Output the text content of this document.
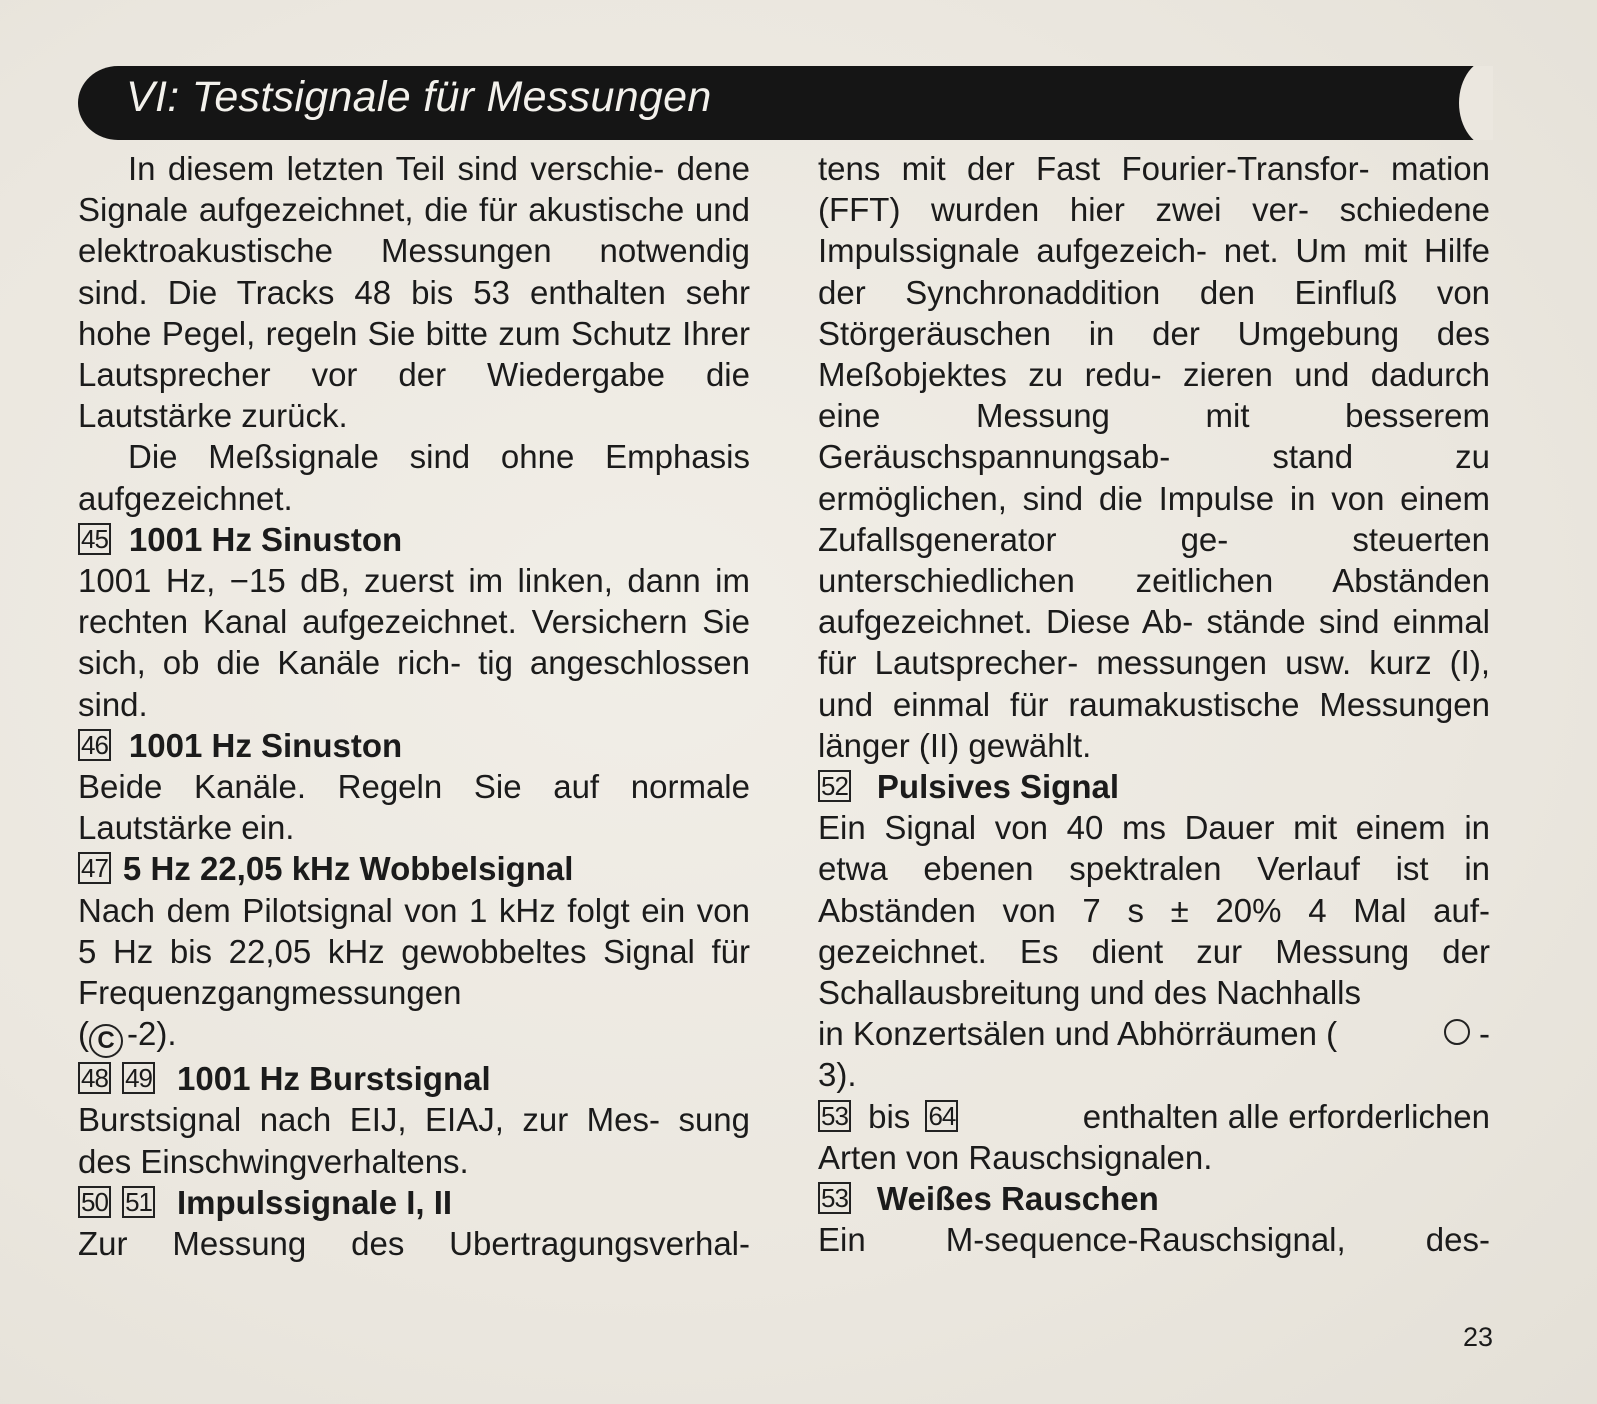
VI: Testsignale für Messungen

In diesem letzten Teil sind verschie- dene Signale aufgezeichnet, die für akustische und elektroakustische Messungen notwendig sind. Die Tracks 48 bis 53 enthalten sehr hohe Pegel, regeln Sie bitte zum Schutz Ihrer Lautsprecher vor der Wiedergabe die Lautstärke zurück.

Die Meßsignale sind ohne Emphasis aufgezeichnet.

45 1001 Hz Sinuston

1001 Hz, −15 dB, zuerst im linken, dann im rechten Kanal aufgezeichnet. Versichern Sie sich, ob die Kanäle rich- tig angeschlossen sind.

46 1001 Hz Sinuston

Beide Kanäle. Regeln Sie auf normale Lautstärke ein.

47 5 Hz 22,05 kHz Wobbelsignal

Nach dem Pilotsignal von 1 kHz folgt ein von 5 Hz bis 22,05 kHz gewobbeltes Signal für Frequenzgangmessungen

( C -2).
48 49 1001 Hz Burstsignal

Burstsignal nach EIJ, EIAJ, zur Mes- sung des Einschwingverhaltens.

50 51 Impulssignale I, II

Zur Messung des Ubertragungsverhal-

tens mit der Fast Fourier-Transfor- mation (FFT) wurden hier zwei ver- schiedene Impulssignale aufgezeich- net. Um mit Hilfe der Synchronaddition den Einfluß von Störgeräuschen in der Umgebung des Meßobjektes zu redu- zieren und dadurch eine Messung mit	besserem Geräuschspannungsab-	stand zu ermöglichen, sind die Impulse in von einem Zufallsgenerator ge-	steuerten unterschiedlichen zeitlichen Abständen aufgezeichnet. Diese Ab- stände sind einmal für Lautsprecher- messungen usw. kurz (I), und einmal für raumakustische Messungen länger (II) gewählt.

52 Pulsives Signal

Ein Signal von 40 ms Dauer mit einem in etwa ebenen spektralen Verlauf ist in Abständen von 7 s ± 20% 4 Mal auf- gezeichnet. Es dient zur Messung der Schallausbreitung und des Nachhalls

in Konzertsälen und Abhörräumen (	-
3).
53 bis 64	enthalten alle erforderlichen
Arten von Rauschsignalen.
53 Weißes Rauschen

Ein M-sequence-Rauschsignal, des-

23
